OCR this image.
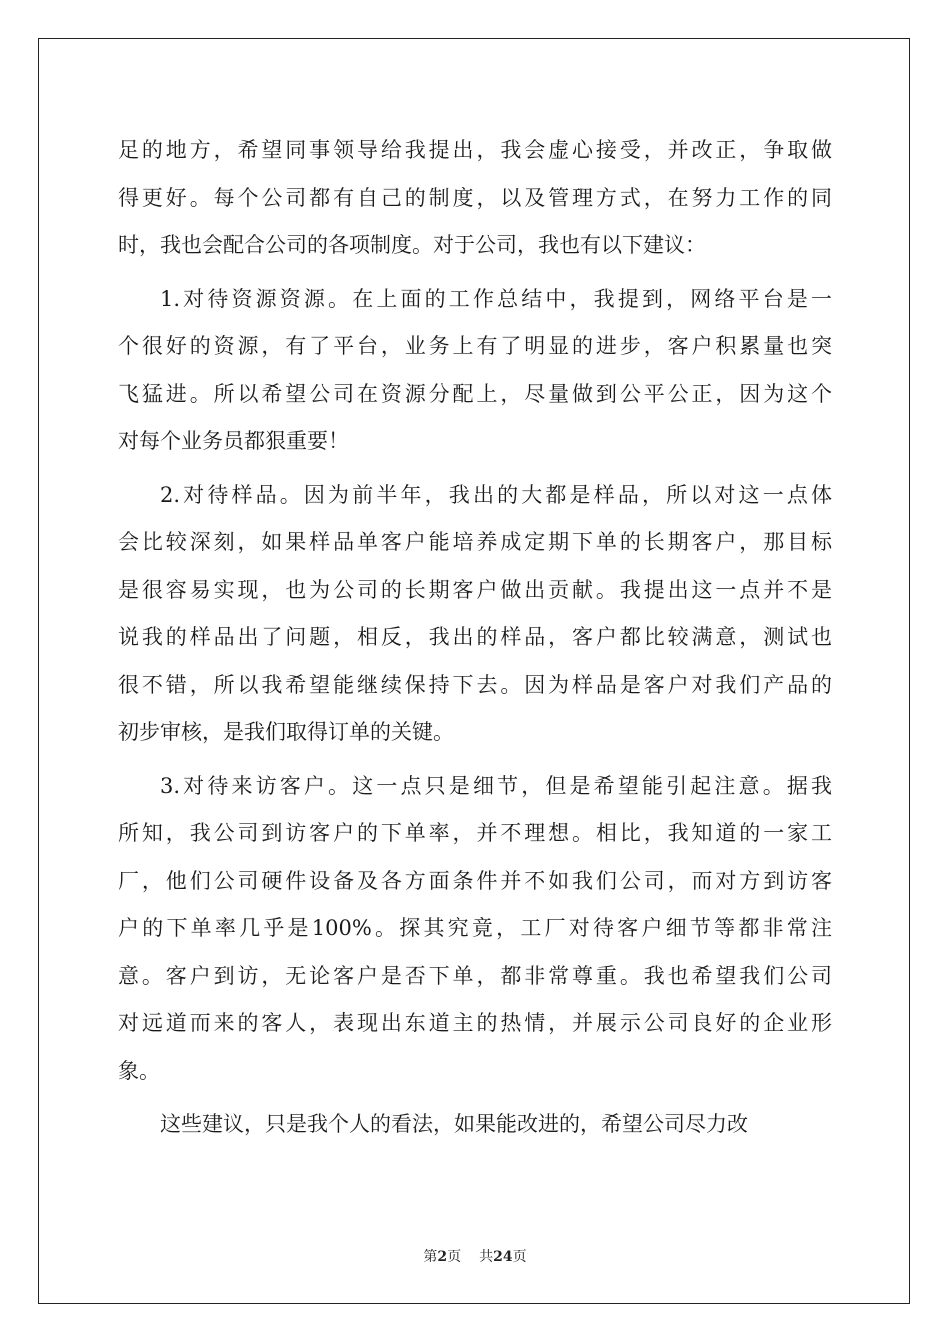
足的地方，希望同事领导给我提出，我会虚心接受，并改正，争取做
得更好。每个公司都有自己的制度，以及管理方式，在努力工作的同
时，我也会配合公司的各项制度。对于公司，我也有以下建议：
1.对待资源资源。在上面的工作总结中，我提到，网络平台是一
个很好的资源，有了平台，业务上有了明显的进步，客户积累量也突
飞猛进。所以希望公司在资源分配上，尽量做到公平公正，因为这个
对每个业务员都狠重要！
2.对待样品。因为前半年，我出的大都是样品，所以对这一点体
会比较深刻，如果样品单客户能培养成定期下单的长期客户，那目标
是很容易实现，也为公司的长期客户做出贡献。我提出这一点并不是
说我的样品出了问题，相反，我出的样品，客户都比较满意，测试也
很不错，所以我希望能继续保持下去。因为样品是客户对我们产品的
初步审核，是我们取得订单的关键。
3.对待来访客户。这一点只是细节，但是希望能引起注意。据我
所知，我公司到访客户的下单率，并不理想。相比，我知道的一家工
厂，他们公司硬件设备及各方面条件并不如我们公司，而对方到访客
户的下单率几乎是100%。探其究竟，工厂对待客户细节等都非常注
意。客户到访，无论客户是否下单，都非常尊重。我也希望我们公司
对远道而来的客人，表现出东道主的热情，并展示公司良好的企业形
象。
这些建议，只是我个人的看法，如果能改进的，希望公司尽力改
第2页 共24页
